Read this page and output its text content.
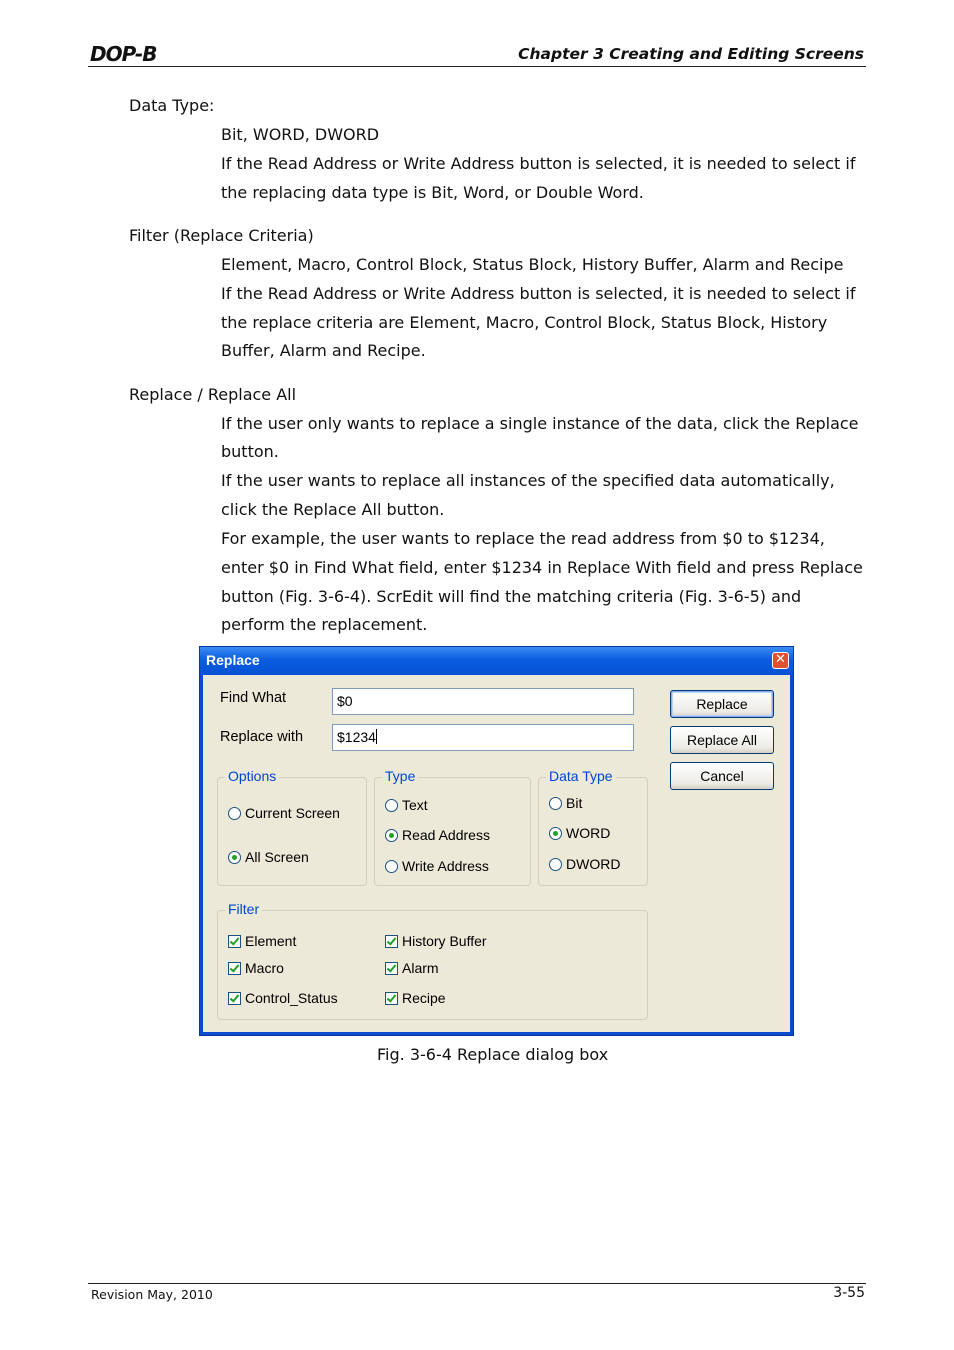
DOP-B	Chapter 3 Creating and Editing Screens
Data Type:
Bit, WORD, DWORD
If the Read Address or Write Address button is selected, it is needed to select if
the replacing data type is Bit, Word, or Double Word.
Filter (Replace Criteria)
Element, Macro, Control Block, Status Block, History Buffer, Alarm and Recipe
If the Read Address or Write Address button is selected, it is needed to select if
the replace criteria are Element, Macro, Control Block, Status Block, History
Buffer, Alarm and Recipe.
Replace / Replace All
If the user only wants to replace a single instance of the data, click the Replace
button.
If the user wants to replace all instances of the specified data automatically,
click the Replace All button.
For example, the user wants to replace the read address from $0 to $1234,
enter $0 in Find What field, enter $1234 in Replace With field and press Replace
button (Fig. 3-6-4). ScrEdit will find the matching criteria (Fig. 3-6-5) and
perform the replacement.
Replace	✕
Find What	$0
Replace with	$1234
Replace
Replace All
Cancel
Options
Current Screen
All Screen
Type
Text
Read Address
Write Address
Data Type
Bit
WORD
DWORD
Filter
Element
Macro
Control_Status
History Buffer
Alarm
Recipe
Fig. 3-6-4 Replace dialog box
Revision May, 2010	3-55
